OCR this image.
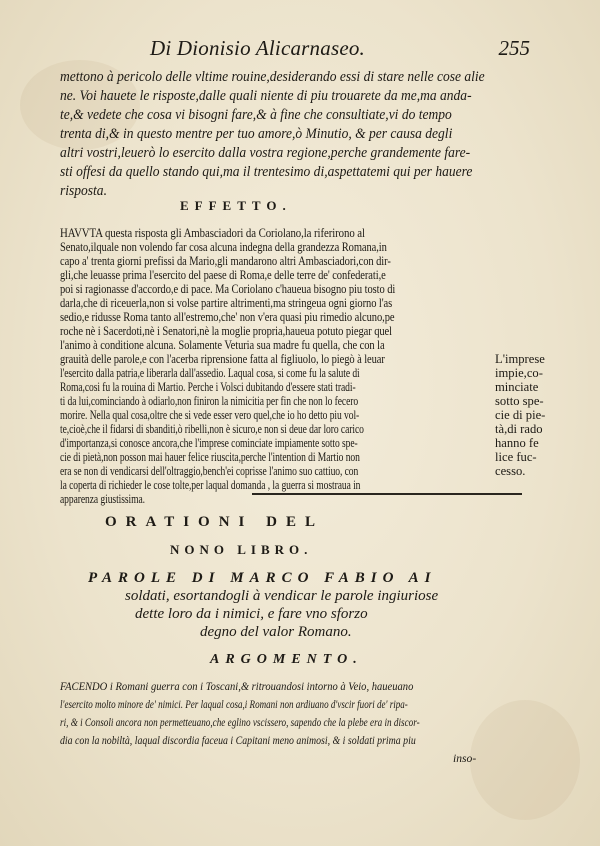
Di Dionisio Alicarnaseo.	255
mettono à pericolo delle vltime rouine,desiderando essi di stare nelle cose alie
ne. Voi hauete le risposte,dalle quali niente di piu trouarete da me,ma anda-
te,& vedete che cosa vi bisogni fare,& à fine che consultiate,vi do tempo
trenta di,& in questo mentre per tuo amore,ò Minutio, & per causa degli
altri vostri,leuerò lo esercito dalla vostra regione,perche grandemente fare-
sti offesi da quello stando qui,ma il trentesimo di,aspettatemi qui per hauere
risposta.
EFFETTO.
HAVVTA questa risposta gli Ambasciadori da Coriolano,la riferirono al
Senato,ilquale non volendo far cosa alcuna indegna della grandezza Romana,in
capo a' trenta giorni prefissi da Mario,gli mandarono altri Ambasciadori,con dir-
gli,che leuasse prima l'esercito del paese di Roma,e delle terre de' confederati,e
poi si ragionasse d'accordo,e di pace. Ma Coriolano c'haueua bisogno piu tosto di
darla,che di riceuerla,non si volse partire altrimenti,ma stringeua ogni giorno l'as
sedio,e ridusse Roma tanto all'estremo,che' non v'era quasi piu rimedio alcuno,pe
roche nè i Sacerdoti,nè i Senatori,nè la moglie propria,haueua potuto piegar quel
l'animo à conditione alcuna. Solamente Veturia sua madre fu quella, che con la
grauità delle parole,e con l'acerba riprensione fatta al figliuolo, lo piegò à leuar
l'esercito dalla patria,e liberarla dall'assedio. Laqual cosa, si come fu la salute di
Roma,cosi fu la rouina di Martio. Perche i Volsci dubitando d'essere stati tradi-
ti da lui,cominciando à odiarlo,non finiron la nimicitia per fin che non lo fecero
morire. Nella qual cosa,oltre che si vede esser vero quel,che io ho detto piu vol-
te,cioè,che il fidarsi di sbanditi,ò ribelli,non è sicuro,e non si deue dar loro carico
d'importanza,si conosce ancora,che l'imprese cominciate impiamente sotto spe-
cie di pietà,non posson mai hauer felice riuscita,perche l'intention di Martio non
era se non di vendicarsi dell'oltraggio,bench'ei coprisse l'animo suo cattiuo, con
la coperta di richieder le cose tolte,per laqual domanda , la guerra si mostraua in
apparenza giustissima.
L'imprese
impie,co-
minciate
sotto spe-
cie di pie-
tà,di rado
hanno fe
lice fuc-
cesso.
ORATIONI DEL
NONO LIBRO.
PAROLE DI MARCO FABIO AI
soldati, esortandogli à vendicar le parole ingiuriose
dette loro da i nimici, e fare vno sforzo
degno del valor Romano.
ARGOMENTO.
FACENDO i Romani guerra con i Toscani,& ritrouandosi intorno à Veio, haueuano
l'esercito molto minore de' nimici. Per laqual cosa,i Romani non ardiuano d'vscir fuori de' ripa-
ri, & i Consoli ancora non permetteuano,che eglino vscissero, sapendo che la plebe era in discor-
dia con la nobiltà, laqual discordia faceua i Capitani meno animosi, & i soldati prima piu
inso-
